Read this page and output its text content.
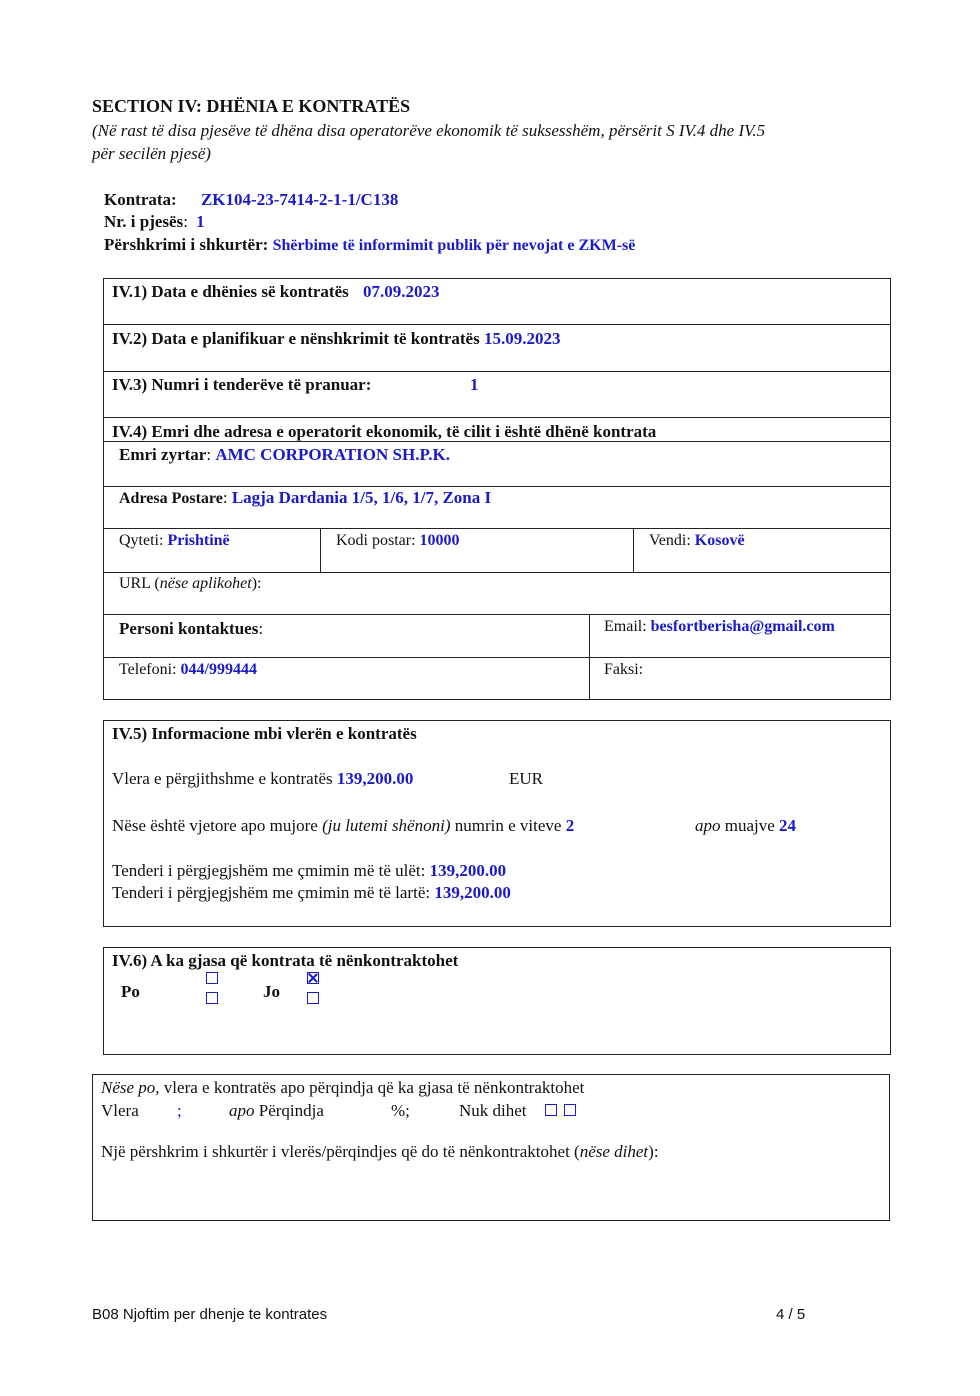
SECTION IV: DHËNIA E KONTRATËS
(Në rast të disa pjesëve të dhëna disa operatorëve ekonomik të suksesshëm, përsërit S IV.4 dhe IV.5
për secilën pjesë)
Kontrata: ZK104-23-7414-2-1-1/C138
Nr. i pjesës: 1
Përshkrimi i shkurtër: Shërbime të informimit publik për nevojat e ZKM-së
IV.1) Data e dhënies së kontratës 07.09.2023
IV.2) Data e planifikuar e nënshkrimit të kontratës 15.09.2023
IV.3) Numri i tenderëve të pranuar:	1
IV.4) Emri dhe adresa e operatorit ekonomik, të cilit i është dhënë kontrata
Emri zyrtar: AMC CORPORATION SH.P.K.
Adresa Postare: Lagja Dardania 1/5, 1/6, 1/7, Zona I
Qyteti: Prishtinë	Kodi postar: 10000	Vendi: Kosovë
URL (nëse aplikohet):
Personi kontaktues:	Email: besfortberisha@gmail.com
Telefoni: 044/999444	Faksi:
IV.5) Informacione mbi vlerën e kontratës
Vlera e përgjithshme e kontratës 139,200.00	EUR
Nëse është vjetore apo mujore (ju lutemi shënoni) numrin e viteve 2	apo muajve 24
Tenderi i përgjegjshëm me çmimin më të ulët: 139,200.00
Tenderi i përgjegjshëm me çmimin më të lartë: 139,200.00
IV.6) A ka gjasa që kontrata të nënkontraktohet
Po	Jo
Nëse po, vlera e kontratës apo përqindja që ka gjasa të nënkontraktohet
Vlera ;	apo Përqindja	%;	Nuk dihet
Një përshkrim i shkurtër i vlerës/përqindjes që do të nënkontraktohet (nëse dihet):
B08 Njoftim per dhenje te kontrates	4 / 5
